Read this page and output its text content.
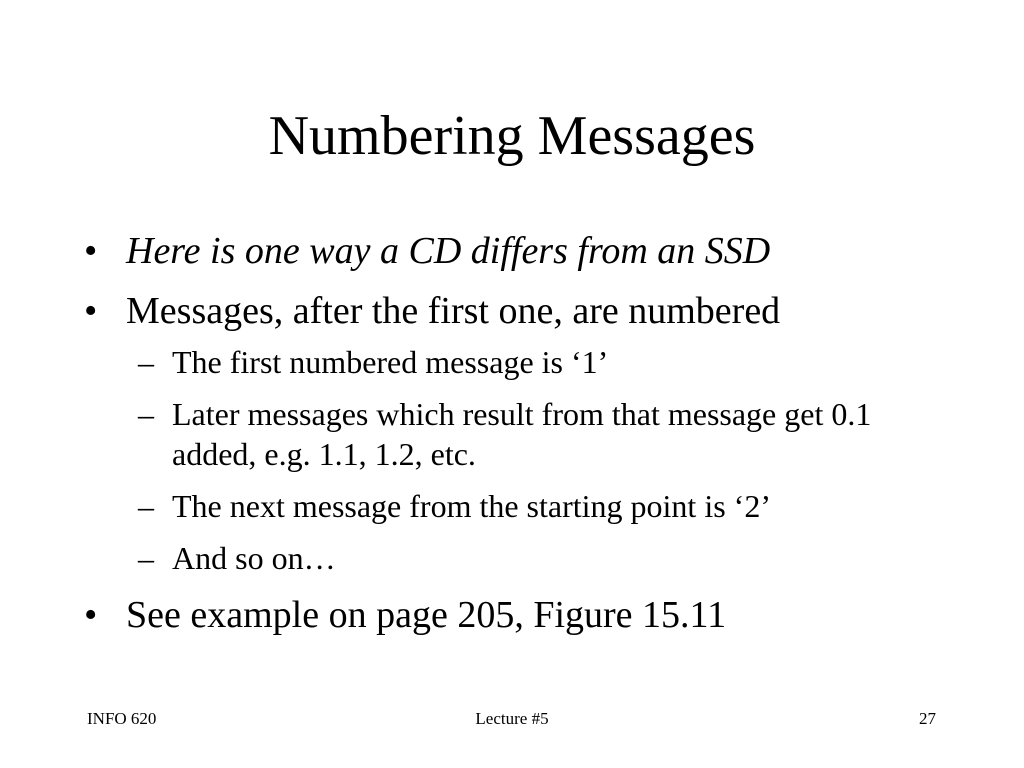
Numbering Messages
• Here is one way a CD differs from an SSD
• Messages, after the first one, are numbered
– The first numbered message is ‘1’
– Later messages which result from that message get 0.1 added, e.g. 1.1, 1.2, etc.
– The next message from the starting point is ‘2’
– And so on…
• See example on page 205, Figure 15.11
INFO 620	Lecture #5	27
